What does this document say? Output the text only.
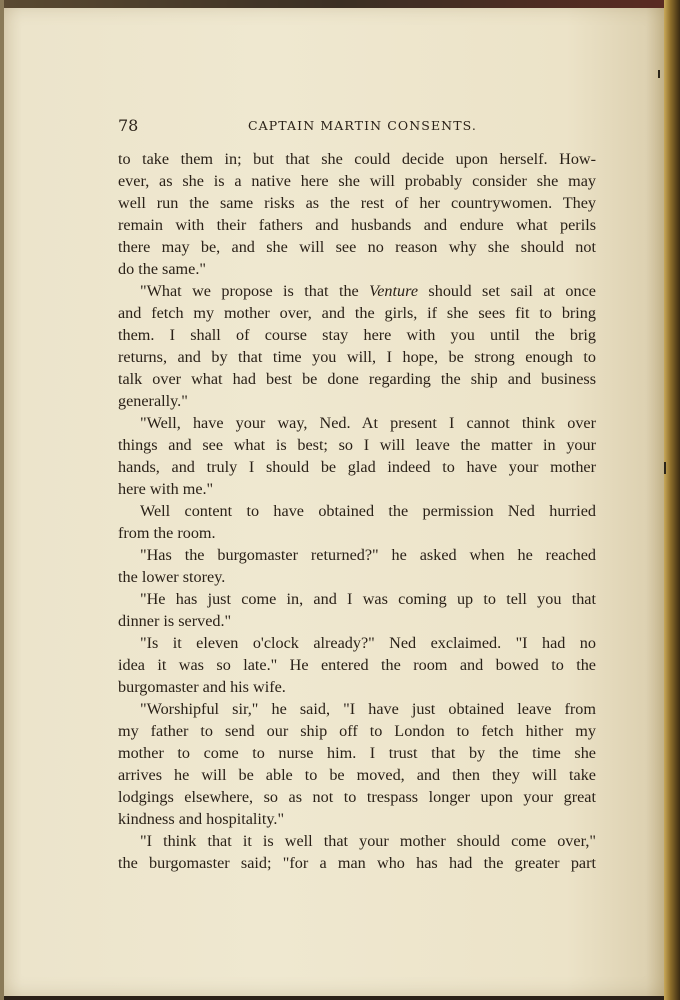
78	CAPTAIN MARTIN CONSENTS.
to take them in; but that she could decide upon herself. How-
ever, as she is a native here she will probably consider she may
well run the same risks as the rest of her countrywomen. They
remain with their fathers and husbands and endure what perils
there may be, and she will see no reason why she should not
do the same."
"What we propose is that the Venture should set sail at once
and fetch my mother over, and the girls, if she sees fit to bring
them. I shall of course stay here with you until the brig
returns, and by that time you will, I hope, be strong enough to
talk over what had best be done regarding the ship and business
generally."
"Well, have your way, Ned. At present I cannot think over
things and see what is best; so I will leave the matter in your
hands, and truly I should be glad indeed to have your mother
here with me."
Well content to have obtained the permission Ned hurried
from the room.
"Has the burgomaster returned?" he asked when he reached
the lower storey.
"He has just come in, and I was coming up to tell you that
dinner is served."
"Is it eleven o'clock already?" Ned exclaimed. "I had no
idea it was so late." He entered the room and bowed to the
burgomaster and his wife.
"Worshipful sir," he said, "I have just obtained leave from
my father to send our ship off to London to fetch hither my
mother to come to nurse him. I trust that by the time she
arrives he will be able to be moved, and then they will take
lodgings elsewhere, so as not to trespass longer upon your great
kindness and hospitality."
"I think that it is well that your mother should come over,"
the burgomaster said; "for a man who has had the greater part
